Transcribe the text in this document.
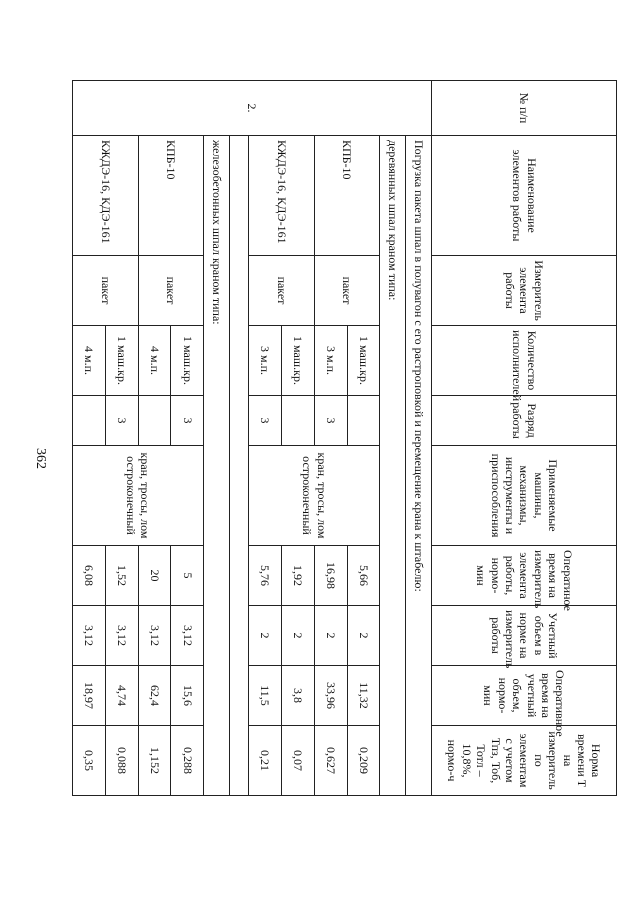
362
№ п/п	Наименование элементов работы	Измеритель элемента работы	Количество исполнителей	Разряд работы	Применяемые машины, механизмы, инструменты и приспособления	Оператиное время на измеритель элемента работы, нормо-мин	Учетный объем в норме на измеритель работы	Оперативное время на учетный объем, нормо-мин	Норма времени Т на измеритель по элементам с учетом Тпз, Тоб, Тотл – 10,8%, нормо-ч
2.	Погрузка пакета шпал в полувагон с его растроповкой и перемещение крана к штабелю:								
	деревянных шпал краном типа:								
	КПБ-10	пакет	1 маш.кр.		кран, тросы, лом остроконечный	5,66	2	11,32	0,209
			3 м.п.	3		16,98	2	33,96	0,627
	КЖДЭ-16, КДЭ-161	пакет	1 маш.кр.			1,92	2	3,8	0,07
			3 м.п.	3		5,76	2	11,5	0,21

	железобетонных шпал краном типа:								
	КПБ-10	пакет	1 маш.кр.	3	кран, тросы, лом остроконечный	5	3,12	15,6	0,288
			4 м.п.			20	3,12	62,4	1,152
	КЖДЭ-16, КДЭ-161	пакет	1 маш.кр.	3		1,52	3,12	4,74	0,088
			4 м.п.			6,08	3,12	18,97	0,35
